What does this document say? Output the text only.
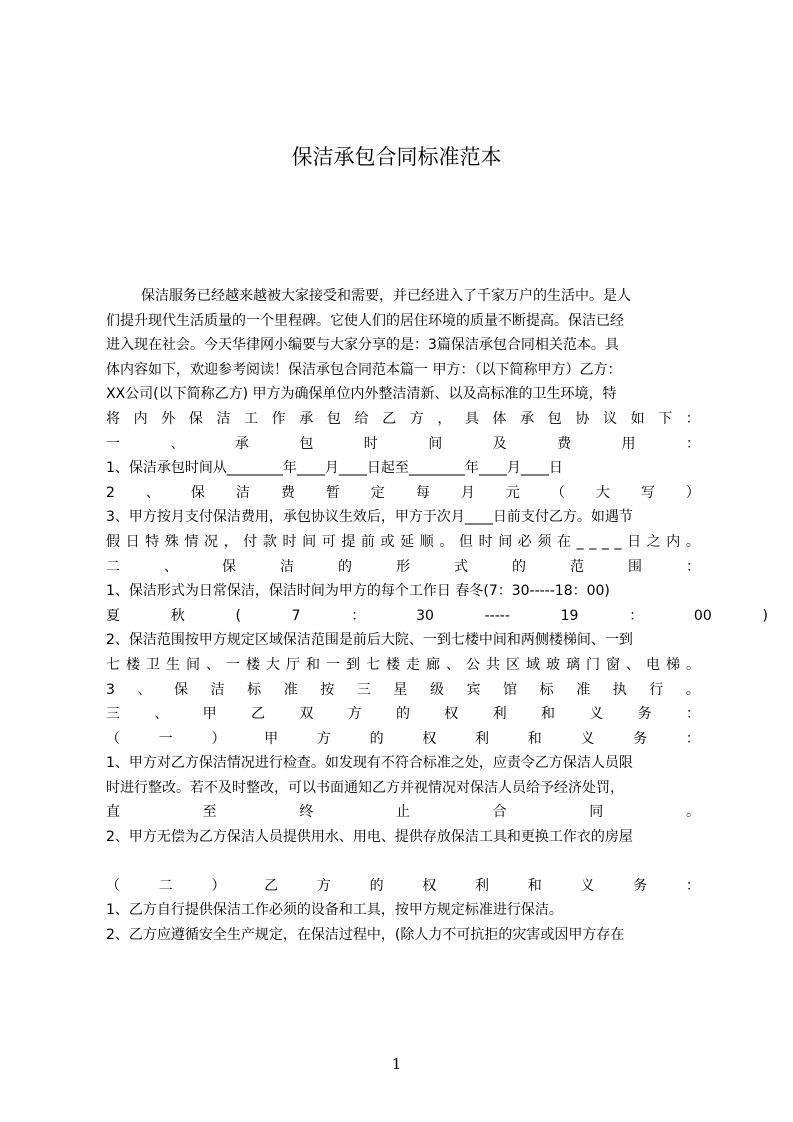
保洁承包合同标准范本
保洁服务已经越来越被大家接受和需要，并已经进入了千家万户的生活中。是人
们提升现代生活质量的一个里程碑。它使人们的居住环境的质量不断提高。保洁已经
进入现在社会。今天华律网小编要与大家分享的是：3篇保洁承包合同相关范本。具
体内容如下，欢迎参考阅读！保洁承包合同范本篇一 甲方：（以下简称甲方）乙方：
XX公司(以下简称乙方) 甲方为确保单位内外整洁清新、以及高标准的卫生环境，特
将 内 外 保 洁 工 作 承 包 给 乙 方 ， 具 体 承 包 协 议 如 下 ：
一	、	承	包	时	间	及	费	用	：
1、保洁承包时间从________年____月____日起至________年____月____日
2 、 保 洁 费 暂 定 每 月 元 （ 大 写 ）
3、甲方按月支付保洁费用，承包协议生效后，甲方于次月____日前支付乙方。如遇节
假 日 特 殊 情 况 ， 付 款 时 间 可 提 前 或 延 顺 。 但 时 间 必 须 在 _ _ _ _ 日 之 内 。
二	、	保	洁	的	形	式	的	范	围	：
1、保洁形式为日常保洁，保洁时间为甲方的每个工作日 春冬(7：30-----18：00)
夏	秋	(	7	：	30	-----	19	：	00	)
2、保洁范围按甲方规定区域保洁范围是前后大院、一到七楼中间和两侧楼梯间、一到
七 楼 卫 生 间 、 一 楼 大 厅 和 一 到 七 楼 走 廊 、 公 共 区 域 玻 璃 门 窗 、 电 梯 。
3 、 保 洁 标 准 按 三 星 级 宾 馆 标 准 执 行 。
三 、 甲 乙 双 方 的 权 利 和 义 务 ：
（	一	）	甲	方	的	权	利	和	义	务	：
1、甲方对乙方保洁情况进行检查。如发现有不符合标准之处，应责令乙方保洁人员限
时进行整改。若不及时整改，可以书面通知乙方并视情况对保洁人员给予经济处罚，
直	至	终	止	合	同	。
2、甲方无偿为乙方保洁人员提供用水、用电、提供存放保洁工具和更换工作衣的房屋
（	二	）	乙	方	的	权	利	和	义	务	：
1、乙方自行提供保洁工作必须的设备和工具，按甲方规定标准进行保洁。
2、乙方应遵循安全生产规定，在保洁过程中，(除人力不可抗拒的灾害或因甲方存在
1
